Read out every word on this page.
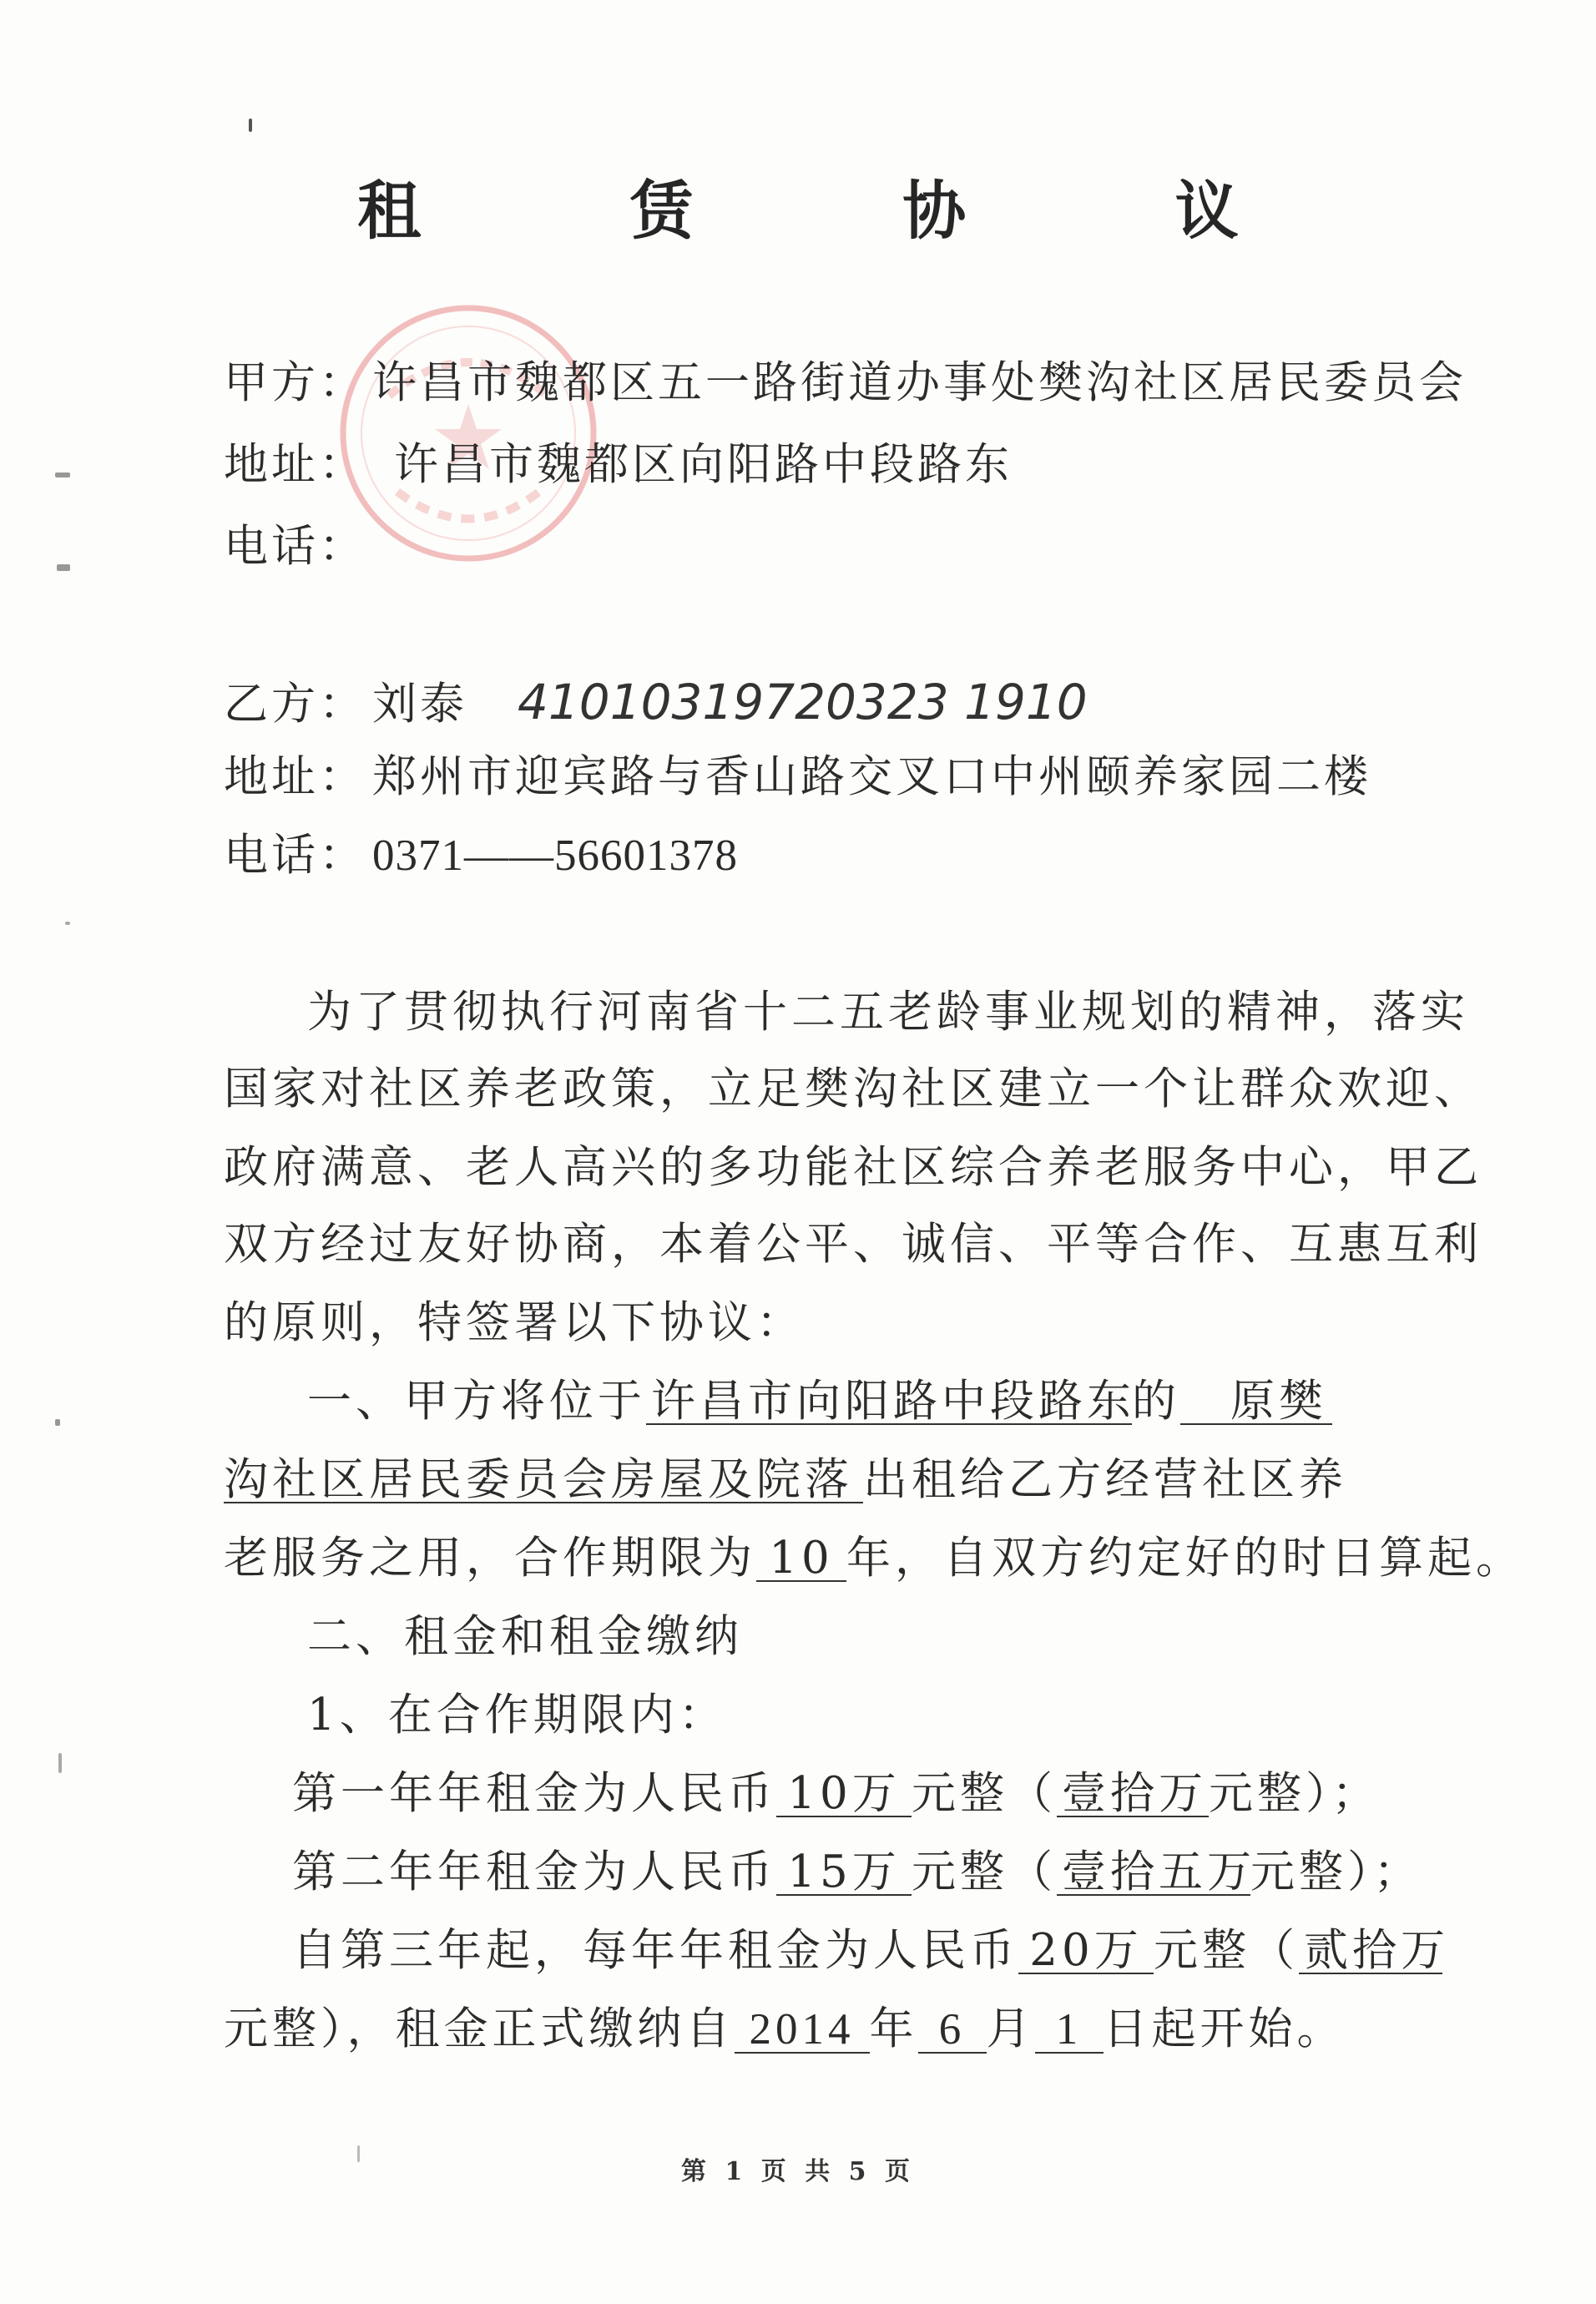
租 赁 协 议
甲方： 许昌市魏都区五一路街道办事处樊沟社区居民委员会
地址： 许昌市魏都区向阳路中段路东
电话：
乙方： 刘泰 41010319720323 1910
地址： 郑州市迎宾路与香山路交叉口中州颐养家园二楼
电话： 0371——56601378
为了贯彻执行河南省十二五老龄事业规划的精神，落实
国家对社区养老政策，立足樊沟社区建立一个让群众欢迎、
政府满意、老人高兴的多功能社区综合养老服务中心，甲乙
双方经过友好协商，本着公平、诚信、平等合作、互惠互利
的原则，特签署以下协议：
一、甲方将位于 许昌市向阳路中段路东的 原樊
沟社区居民委员会房屋及院落 出租给乙方经营社区养
老服务之用，合作期限为 10 年，自双方约定好的时日算起。
二、租金和租金缴纳
1、在合作期限内：
第一年年租金为人民币 10万 元整（ 壹拾万元整）；
第二年年租金为人民币 15万 元整（ 壹拾五万元整）；
自第三年起，每年年租金为人民币 20万 元整（ 贰拾万
元整），租金正式缴纳自 2014 年 6 月 1 日起开始。
第 1 页 共 5 页
